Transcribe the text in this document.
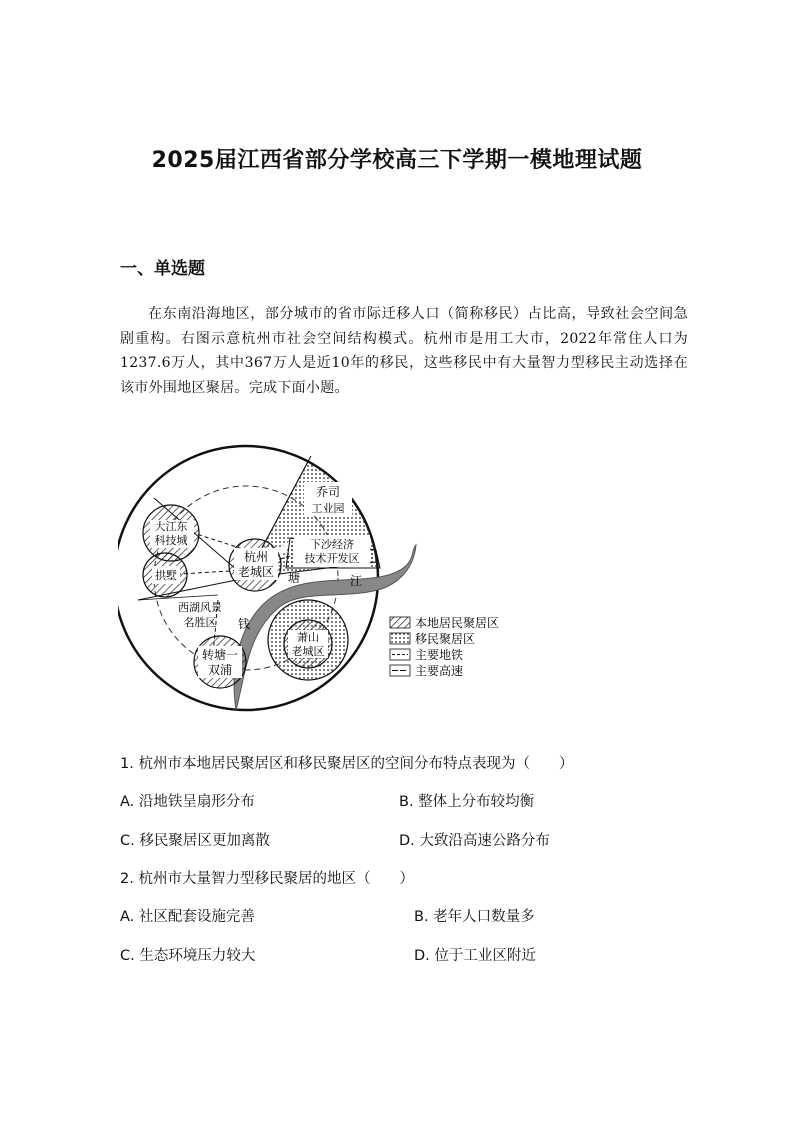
2025届江西省部分学校高三下学期一模地理试题
一、单选题
在东南沿海地区，部分城市的省市际迁移人口（简称移民）占比高，导致社会空间急剧重构。右图示意杭州市社会空间结构模式。杭州市是用工大市，2022年常住人口为1237.6万人，其中367万人是近10年的移民，这些移民中有大量智力型移民主动选择在该市外围地区聚居。完成下面小题。
乔司
工业园
大江东
科技城	下沙经济
技术开发区
杭州
老城区
拱墅
西湖风景
名胜区
萧山
老城区
转塘一
双浦
钱
塘	江
本地居民聚居区
移民聚居区
主要地铁
主要高速
1. 杭州市本地居民聚居区和移民聚居区的空间分布特点表现为（　　）
A. 沿地铁呈扇形分布	B. 整体上分布较均衡
C. 移民聚居区更加离散	D. 大致沿高速公路分布
2. 杭州市大量智力型移民聚居的地区（　　）
A. 社区配套设施完善	B. 老年人口数量多
C. 生态环境压力较大	D. 位于工业区附近
